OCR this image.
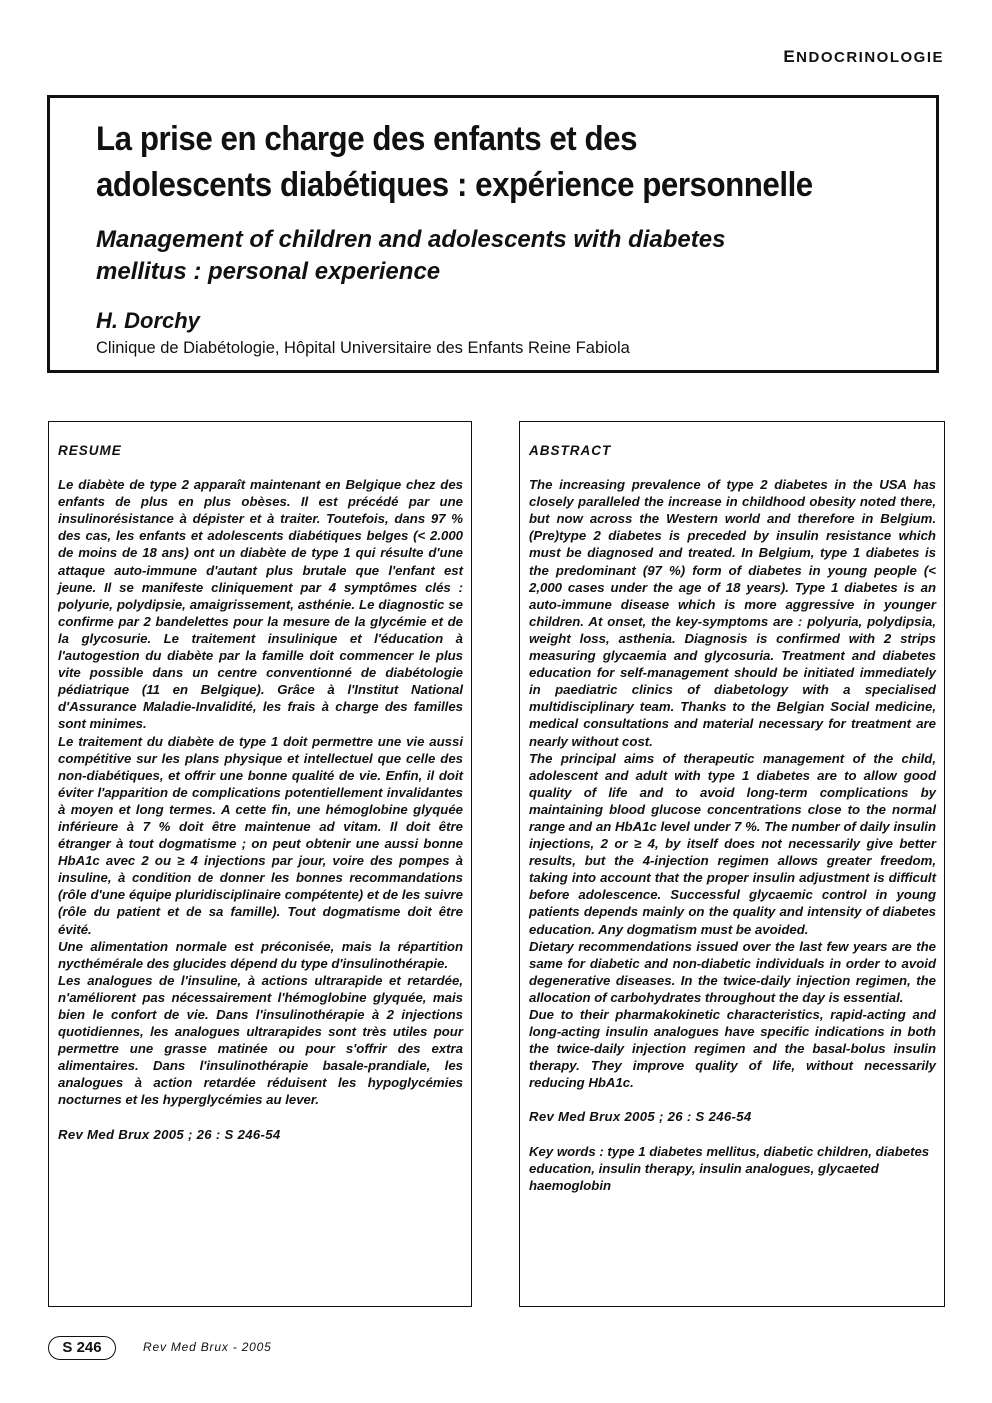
ENDOCRINOLOGIE
La prise en charge des enfants et des
adolescents diabétiques : expérience personnelle
Management of children and adolescents with diabetes
mellitus : personal experience
H. Dorchy
Clinique de Diabétologie, Hôpital Universitaire des Enfants Reine Fabiola
RESUME

Le diabète de type 2 apparaît maintenant en Belgique chez des enfants de plus en plus obèses. Il est précédé par une insulinorésistance à dépister et à traiter. Toutefois, dans 97 % des cas, les enfants et adolescents diabétiques belges (< 2.000 de moins de 18 ans) ont un diabète de type 1 qui résulte d'une attaque auto-immune d'autant plus brutale que l'enfant est jeune. Il se manifeste cliniquement par 4 symptômes clés : polyurie, polydipsie, amaigrissement, asthénie. Le diagnostic se confirme par 2 bandelettes pour la mesure de la glycémie et de la glycosurie. Le traitement insulinique et l'éducation à l'autogestion du diabète par la famille doit commencer le plus vite possible dans un centre conventionné de diabétologie pédiatrique (11 en Belgique). Grâce à l'Institut National d'Assurance Maladie-Invalidité, les frais à charge des familles sont minimes.

Le traitement du diabète de type 1 doit permettre une vie aussi compétitive sur les plans physique et intellectuel que celle des non-diabétiques, et offrir une bonne qualité de vie. Enfin, il doit éviter l'apparition de complications potentiellement invalidantes à moyen et long termes. A cette fin, une hémoglobine glyquée inférieure à 7 % doit être maintenue ad vitam. Il doit être étranger à tout dogmatisme ; on peut obtenir une aussi bonne HbA1c avec 2 ou ≥ 4 injections par jour, voire des pompes à insuline, à condition de donner les bonnes recommandations (rôle d'une équipe pluridisciplinaire compétente) et de les suivre (rôle du patient et de sa famille). Tout dogmatisme doit être évité.

Une alimentation normale est préconisée, mais la répartition nycthémérale des glucides dépend du type d'insulinothérapie.

Les analogues de l'insuline, à actions ultrarapide et retardée, n'améliorent pas nécessairement l'hémoglobine glyquée, mais bien le confort de vie. Dans l'insulinothérapie à 2 injections quotidiennes, les analogues ultrarapides sont très utiles pour permettre une grasse matinée ou pour s'offrir des extra alimentaires. Dans l'insulinothérapie basale-prandiale, les analogues à action retardée réduisent les hypoglycémies nocturnes et les hyperglycémies au lever.

Rev Med Brux 2005 ; 26 : S 246-54
ABSTRACT

The increasing prevalence of type 2 diabetes in the USA has closely paralleled the increase in childhood obesity noted there, but now across the Western world and therefore in Belgium. (Pre)type 2 diabetes is preceded by insulin resistance which must be diagnosed and treated. In Belgium, type 1 diabetes is the predominant (97 %) form of diabetes in young people (< 2,000 cases under the age of 18 years). Type 1 diabetes is an auto-immune disease which is more aggressive in younger children. At onset, the key-symptoms are : polyuria, polydipsia, weight loss, asthenia. Diagnosis is confirmed with 2 strips measuring glycaemia and glycosuria. Treatment and diabetes education for self-management should be initiated immediately in paediatric clinics of diabetology with a specialised multidisciplinary team. Thanks to the Belgian Social medicine, medical consultations and material necessary for treatment are nearly without cost.

The principal aims of therapeutic management of the child, adolescent and adult with type 1 diabetes are to allow good quality of life and to avoid long-term complications by maintaining blood glucose concentrations close to the normal range and an HbA1c level under 7 %. The number of daily insulin injections, 2 or ≥ 4, by itself does not necessarily give better results, but the 4-injection regimen allows greater freedom, taking into account that the proper insulin adjustment is difficult before adolescence. Successful glycaemic control in young patients depends mainly on the quality and intensity of diabetes education. Any dogmatism must be avoided.

Dietary recommendations issued over the last few years are the same for diabetic and non-diabetic individuals in order to avoid degenerative diseases. In the twice-daily injection regimen, the allocation of carbohydrates throughout the day is essential.

Due to their pharmakokinetic characteristics, rapid-acting and long-acting insulin analogues have specific indications in both the twice-daily injection regimen and the basal-bolus insulin therapy. They improve quality of life, without necessarily reducing HbA1c.

Rev Med Brux 2005 ; 26 : S 246-54
Key words : type 1 diabetes mellitus, diabetic children, diabetes education, insulin therapy, insulin analogues, glycaeted haemoglobin
S 246	Rev Med Brux - 2005
